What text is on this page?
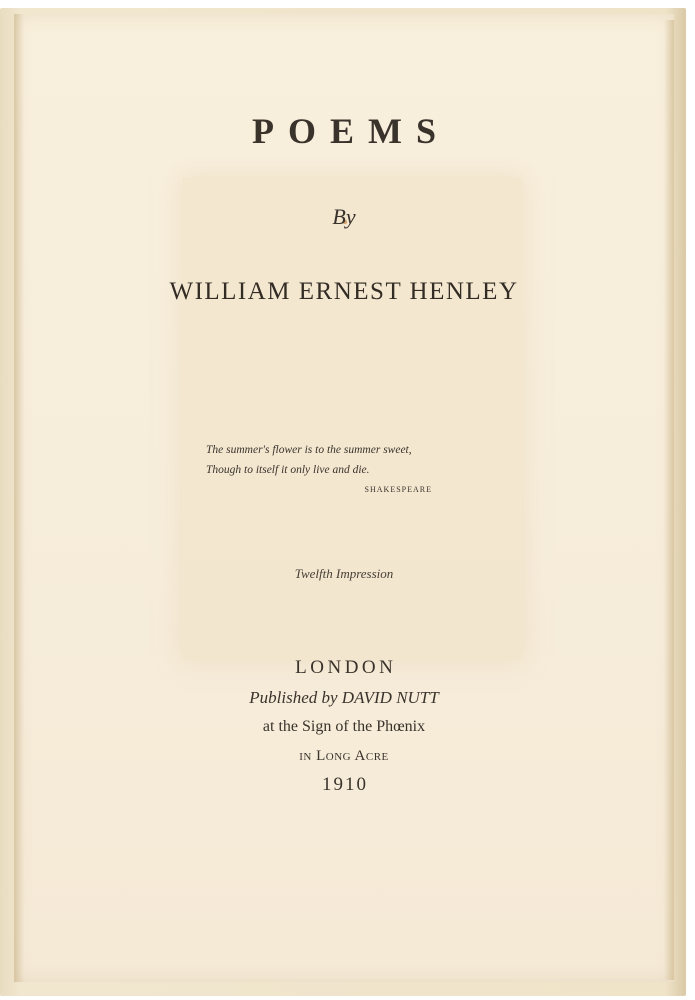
POEMS
By
WILLIAM ERNEST HENLEY
The summer's flower is to the summer sweet,
Though to itself it only live and die.
SHAKESPEARE
Twelfth Impression
LONDON
Published by DAVID NUTT
at the Sign of the Phœnix
in Long Acre
1910
